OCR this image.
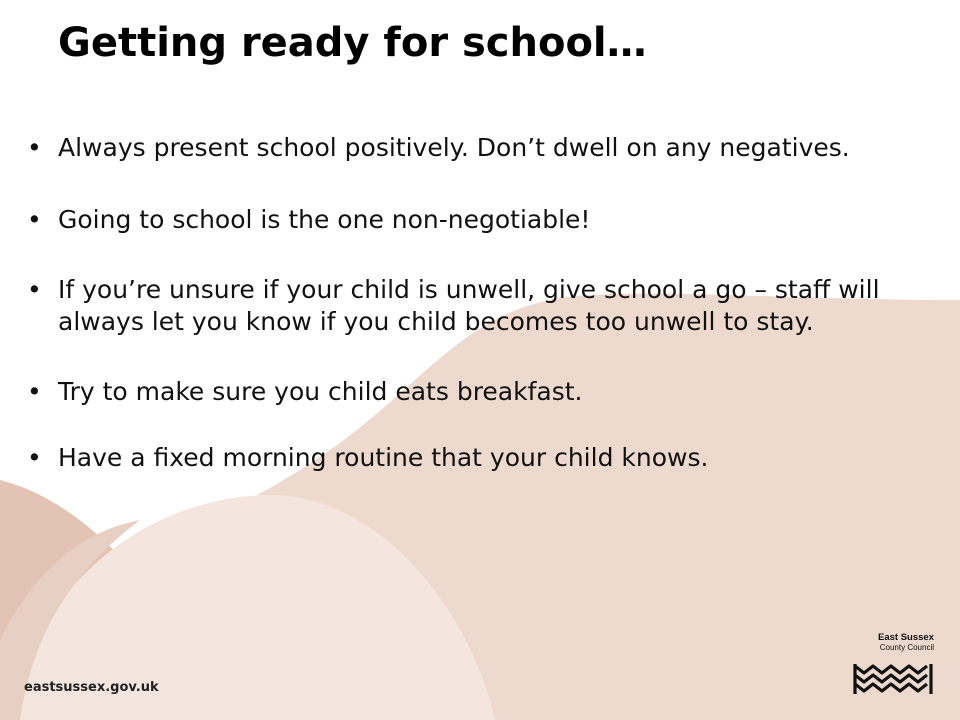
Getting ready for school…
• Always present school positively. Don’t dwell on any negatives.
• Going to school is the one non-negotiable!
• If you’re unsure if your child is unwell, give school a go – staff will always let you know if you child becomes too unwell to stay.
• Try to make sure you child eats breakfast.
• Have a fixed morning routine that your child knows.
eastsussex.gov.uk
East Sussex
County Council
